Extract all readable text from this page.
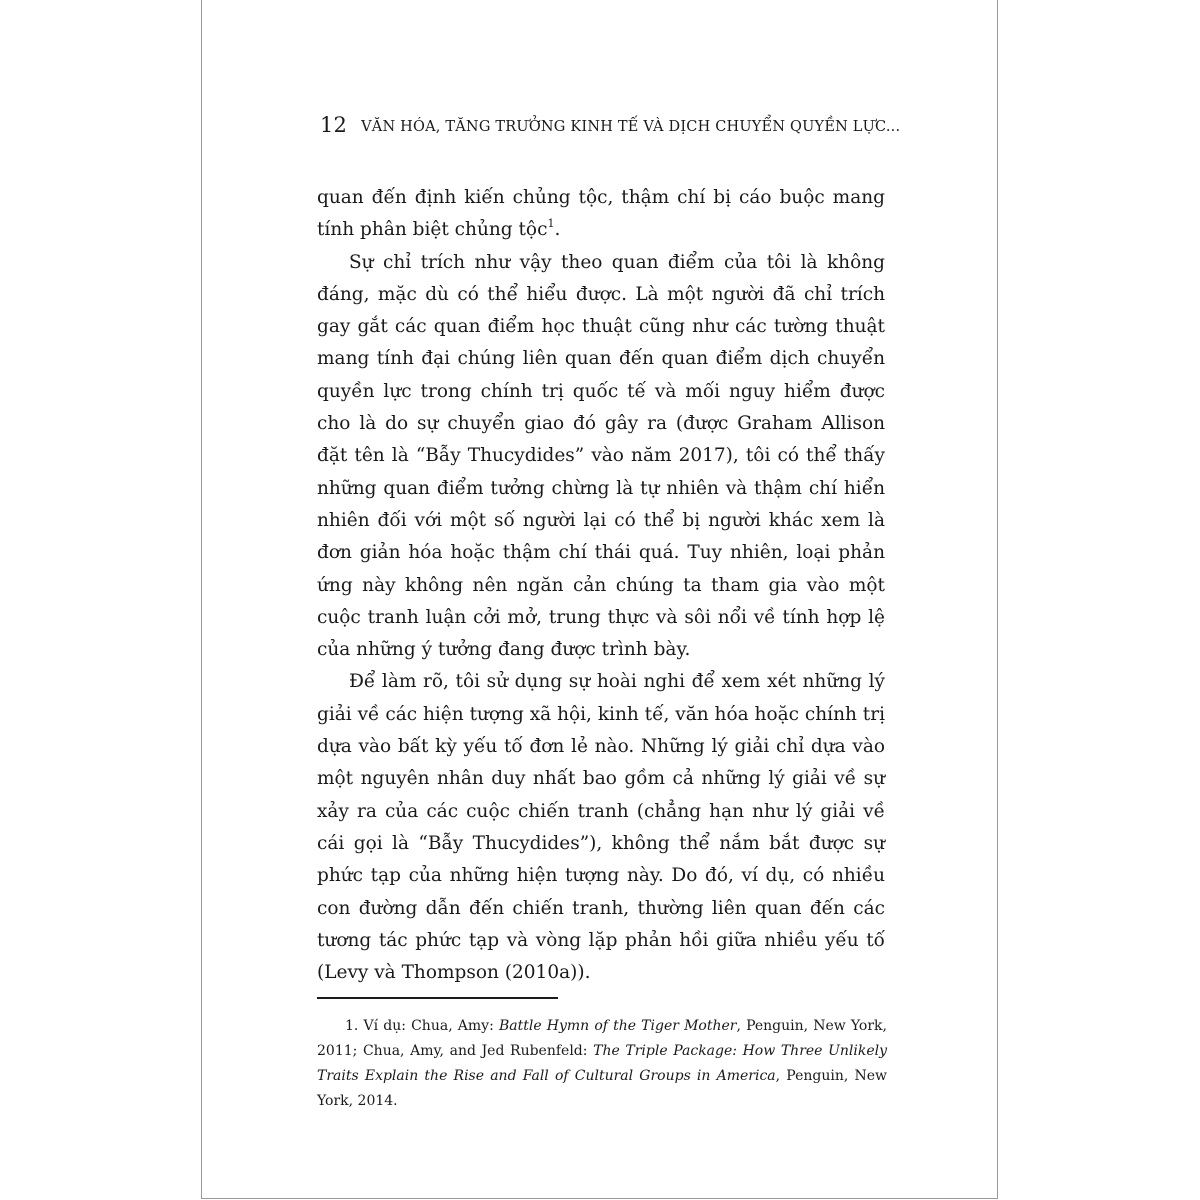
12 VĂN HÓA, TĂNG TRƯỞNG KINH TẾ VÀ DỊCH CHUYỂN QUYỀN LỰC...

quan đến định kiến chủng tộc, thậm chí bị cáo buộc mang tính phân biệt chủng tộc$^1$.

Sự chỉ trích như vậy theo quan điểm của tôi là không đáng, mặc dù có thể hiểu được. Là một người đã chỉ trích gay gắt các quan điểm học thuật cũng như các tường thuật mang tính đại chúng liên quan đến quan điểm dịch chuyển quyền lực trong chính trị quốc tế và mối nguy hiểm được cho là do sự chuyển giao đó gây ra (được Graham Allison đặt tên là “Bẫy Thucydides” vào năm 2017), tôi có thể thấy những quan điểm tưởng chừng là tự nhiên và thậm chí hiển nhiên đối với một số người lại có thể bị người khác xem là đơn giản hóa hoặc thậm chí thái quá. Tuy nhiên, loại phản ứng này không nên ngăn cản chúng ta tham gia vào một cuộc tranh luận cởi mở, trung thực và sôi nổi về tính hợp lệ của những ý tưởng đang được trình bày.

Để làm rõ, tôi sử dụng sự hoài nghi để xem xét những lý giải về các hiện tượng xã hội, kinh tế, văn hóa hoặc chính trị dựa vào bất kỳ yếu tố đơn lẻ nào. Những lý giải chỉ dựa vào một nguyên nhân duy nhất bao gồm cả những lý giải về sự xảy ra của các cuộc chiến tranh (chẳng hạn như lý giải về cái gọi là “Bẫy Thucydides”), không thể nắm bắt được sự phức tạp của những hiện tượng này. Do đó, ví dụ, có nhiều con đường dẫn đến chiến tranh, thường liên quan đến các tương tác phức tạp và vòng lặp phản hồi giữa nhiều yếu tố (Levy và Thompson (2010a)).

1. Ví dụ: Chua, Amy: Battle Hymn of the Tiger Mother, Penguin, New York, 2011; Chua, Amy, and Jed Rubenfeld: The Triple Package: How Three Unlikely Traits Explain the Rise and Fall of Cultural Groups in America, Penguin, New York, 2014.
